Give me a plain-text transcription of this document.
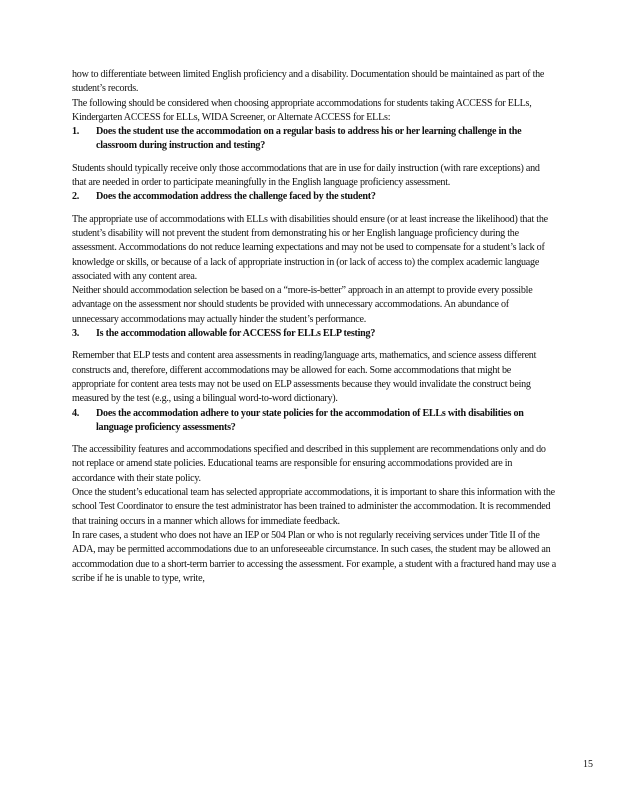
how to differentiate between limited English proficiency and a disability. Documentation should be maintained as part of the student’s records.

The following should be considered when choosing appropriate accommodations for students taking ACCESS for ELLs, Kindergarten ACCESS for ELLs, WIDA Screener, or Alternate ACCESS for ELLs:

1.	Does the student use the accommodation on a regular basis to address his or her learning challenge in the classroom during instruction and testing?

Students should typically receive only those accommodations that are in use for daily instruction (with rare exceptions) and that are needed in order to participate meaningfully in the English language proficiency assessment.

2.	Does the accommodation address the challenge faced by the student?

The appropriate use of accommodations with ELLs with disabilities should ensure (or at least increase the likelihood) that the student’s disability will not prevent the student from demonstrating his or her English language proficiency during the assessment. Accommodations do not reduce learning expectations and may not be used to compensate for a student’s lack of knowledge or skills, or because of a lack of appropriate instruction in (or lack of access to) the complex academic language associated with any content area.

Neither should accommodation selection be based on a “more-is-better” approach in an attempt to provide every possible advantage on the assessment nor should students be provided with unnecessary accommodations. An abundance of unnecessary accommodations may actually hinder the student’s performance.

3.	Is the accommodation allowable for ACCESS for ELLs ELP testing?

Remember that ELP tests and content area assessments in reading/language arts, mathematics, and science assess different constructs and, therefore, different accommodations may be allowed for each. Some accommodations that might be appropriate for content area tests may not be used on ELP assessments because they would invalidate the construct being measured by the test (e.g., using a bilingual word-to-word dictionary).

4.	Does the accommodation adhere to your state policies for the accommodation of ELLs with disabilities on language proficiency assessments?

The accessibility features and accommodations specified and described in this supplement are recommendations only and do not replace or amend state policies. Educational teams are responsible for ensuring accommodations provided are in accordance with their state policy.

Once the student’s educational team has selected appropriate accommodations, it is important to share this information with the school Test Coordinator to ensure the test administrator has been trained to administer the accommodation. It is recommended that training occurs in a manner which allows for immediate feedback.

In rare cases, a student who does not have an IEP or 504 Plan or who is not regularly receiving services under Title II of the ADA, may be permitted accommodations due to an unforeseeable circumstance. In such cases, the student may be allowed an accommodation due to a short-term barrier to accessing the assessment. For example, a student with a fractured hand may use a scribe if he is unable to type, write,

15
